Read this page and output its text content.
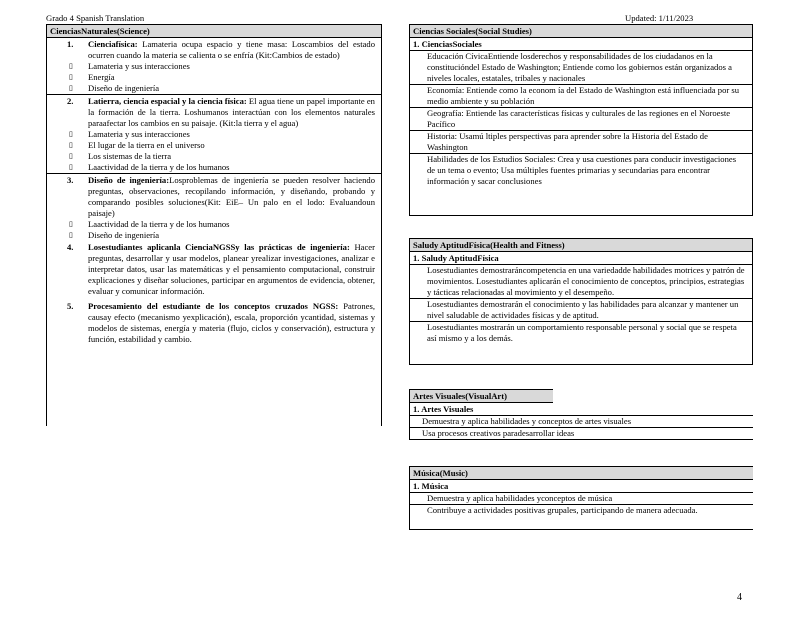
Grado 4 Spanish Translation	Updated: 1/11/2023
CienciasNaturales(Science)
1. Cienciafísica: Lamateria ocupa espacio y tiene masa: Loscambios del estado ocurren cuando la materia se calienta o se enfría (Kit:Cambios de estado)
▯ Lamateria y sus interacciones
▯ Energía
▯ Diseño de ingeniería
2. Latierra, ciencia espacial y la ciencia física: El agua tiene un papel importante en la formación de la tierra. Loshumanos interactúan con los elementos naturales paraafectar los cambios en su paisaje. (Kit:la tierra y el agua)
▯ Lamateria y sus interacciones
▯ El lugar de la tierra en el universo
▯ Los sistemas de la tierra
▯ Laactividad de la tierra y de los humanos
3. Diseño de ingeniería:Losproblemas de ingeniería se pueden resolver haciendo preguntas, observaciones, recopilando información, y diseñando, probando y comparando posibles soluciones(Kit: EiE– Un palo en el lodo: Evaluandoun paisaje)
▯ Laactividad de la tierra y de los humanos
▯ Diseño de ingeniería
4. Losestudiantes aplicanla CienciaNGSSy las prácticas de ingeniería: Hacer preguntas, desarrollar y usar modelos, planear yrealizar investigaciones, analizar e interpretar datos, usar las matemáticas y el pensamiento computacional, construir explicaciones y diseñar soluciones, participar en argumentos de evidencia, obtener, evaluar y comunicar información.
5. Procesamiento del estudiante de los conceptos cruzados NGSS: Patrones, causay efecto (mecanismo yexplicación), escala, proporción ycantidad, sistemas y modelos de sistemas, energía y materia (flujo, ciclos y conservación), estructura y función, estabilidad y cambio.
Ciencias Sociales(Social Studies)
1. CienciasSociales
Educación CívicaEntiende losderechos y responsabilidades de los ciudadanos en la constitucióndel Estado de Washington; Entiende como los gobiernos están organizados a niveles locales, estatales, tribales y nacionales
Economía: Entiende como la econom ía del Estado de Washington está influenciada por su medio ambiente y su población
Geografía: Entiende las características físicas y culturales de las regiones en el Noroeste Pacífico
Historia: Usamú ltiples perspectivas para aprender sobre la Historia del Estado de Washington
Habilidades de los Estudios Sociales: Crea y usa cuestiones para conducir investigaciones de un tema o evento; Usa múltiples fuentes primarias y secundarias para encontrar información y sacar conclusiones
Saludy AptitudFísica(Health and Fitness)
1. Saludy AptitudFísica
Losestudiantes demostraráncompetencia en una variedadde habilidades motrices y patrón de movimientos. Losestudiantes aplicarán el conocimiento de conceptos, principios, estrategias y tácticas relacionadas al movimiento y el desempeño.
Losestudiantes demostrarán el conocimiento y las habilidades para alcanzar y mantener un nivel saludable de actividades físicas y de aptitud.
Losestudiantes mostrarán un comportamiento responsable personal y social que se respeta así mismo y a los demás.
Artes Visuales(VisualArt)
1. Artes Visuales
Demuestra y aplica habilidades y conceptos de artes visuales
Usa procesos creativos paradesarrollar ideas
Música(Music)
1. Música
Demuestra y aplica habilidades yconceptos de música
Contribuye a actividades positivas grupales, participando de manera adecuada.
4
